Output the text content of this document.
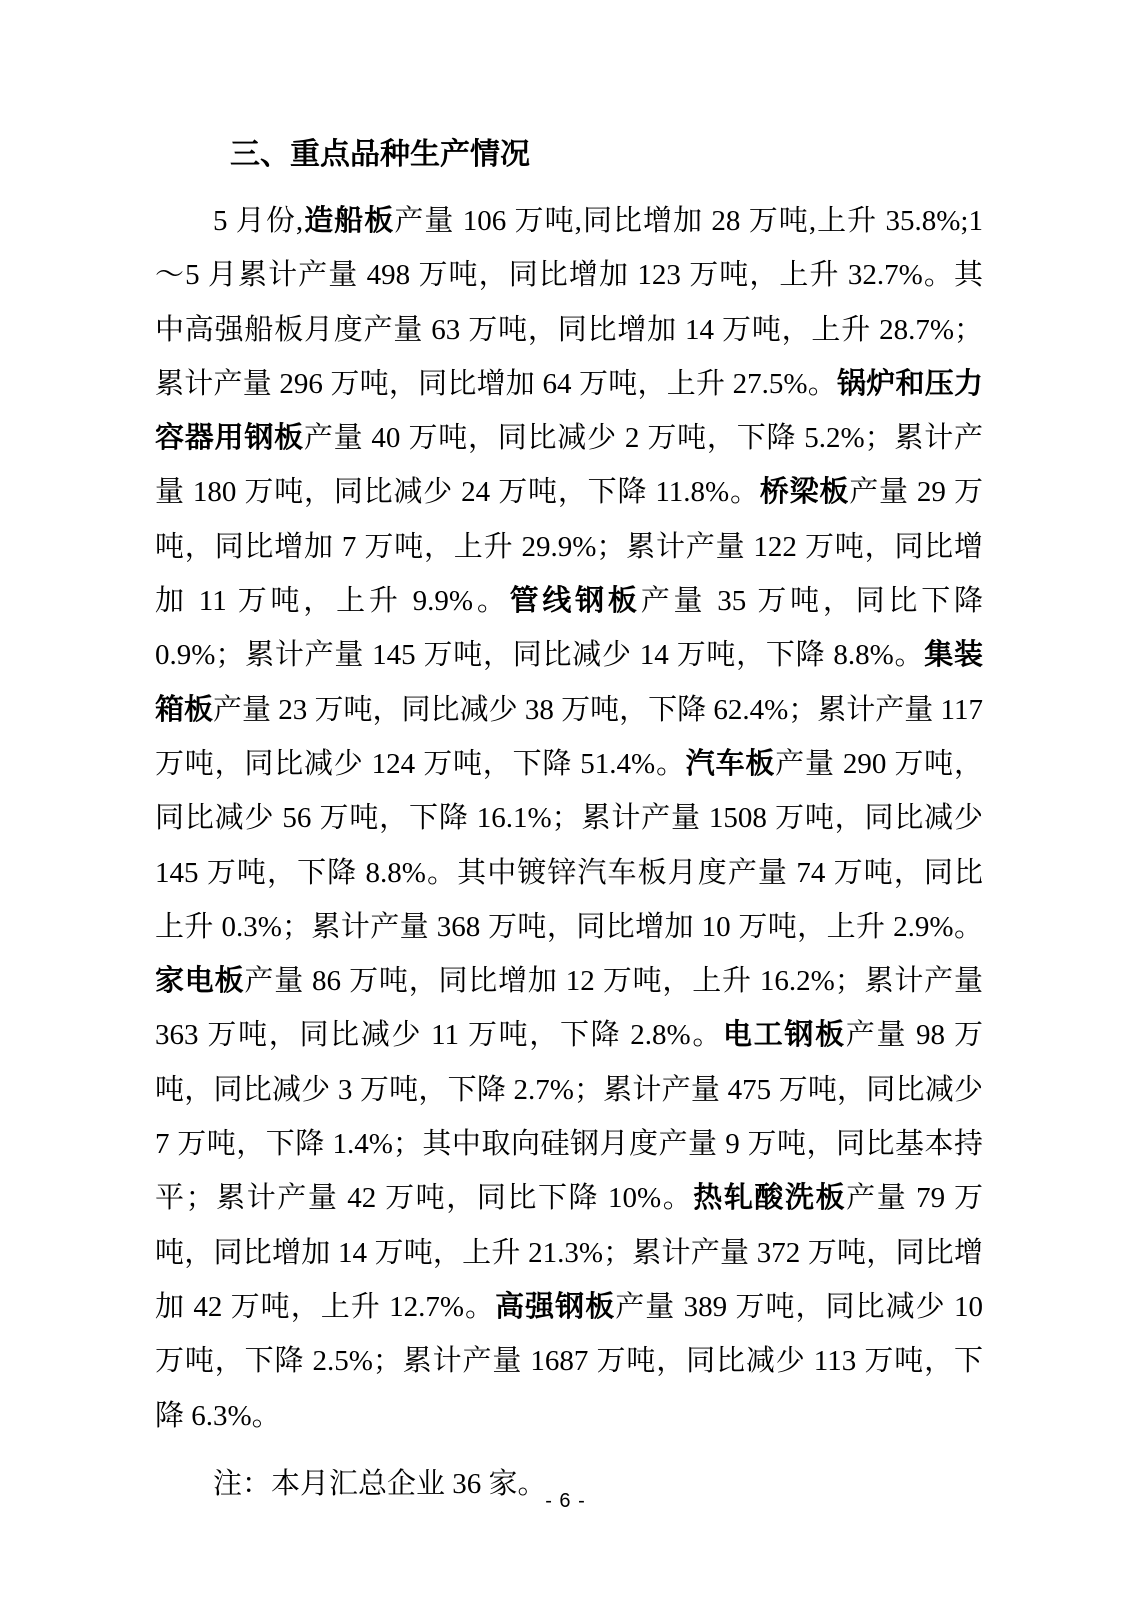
三、重点品种生产情况

5 月份,造船板产量 106 万吨,同比增加 28 万吨,上升 35.8%;1～5 月累计产量 498 万吨，同比增加 123 万吨，上升 32.7%。其中高强船板月度产量 63 万吨，同比增加 14 万吨，上升 28.7%；累计产量 296 万吨，同比增加 64 万吨，上升 27.5%。锅炉和压力容器用钢板产量 40 万吨，同比减少 2 万吨，下降 5.2%；累计产量 180 万吨，同比减少 24 万吨，下降 11.8%。桥梁板产量 29 万吨，同比增加 7 万吨，上升 29.9%；累计产量 122 万吨，同比增加 11 万吨，上升 9.9%。管线钢板产量 35 万吨，同比下降 0.9%；累计产量 145 万吨，同比减少 14 万吨，下降 8.8%。集装箱板产量 23 万吨，同比减少 38 万吨，下降 62.4%；累计产量 117 万吨，同比减少 124 万吨，下降 51.4%。汽车板产量 290 万吨，同比减少 56 万吨，下降 16.1%；累计产量 1508 万吨，同比减少 145 万吨，下降 8.8%。其中镀锌汽车板月度产量 74 万吨，同比上升 0.3%；累计产量 368 万吨，同比增加 10 万吨，上升 2.9%。家电板产量 86 万吨，同比增加 12 万吨，上升 16.2%；累计产量 363 万吨，同比减少 11 万吨，下降 2.8%。电工钢板产量 98 万吨，同比减少 3 万吨，下降 2.7%；累计产量 475 万吨，同比减少 7 万吨，下降 1.4%；其中取向硅钢月度产量 9 万吨，同比基本持平；累计产量 42 万吨，同比下降 10%。热轧酸洗板产量 79 万吨，同比增加 14 万吨，上升 21.3%；累计产量 372 万吨，同比增加 42 万吨，上升 12.7%。高强钢板产量 389 万吨，同比减少 10 万吨，下降 2.5%；累计产量 1687 万吨，同比减少 113 万吨，下降 6.3%。

注：本月汇总企业 36 家。

- 6 -
